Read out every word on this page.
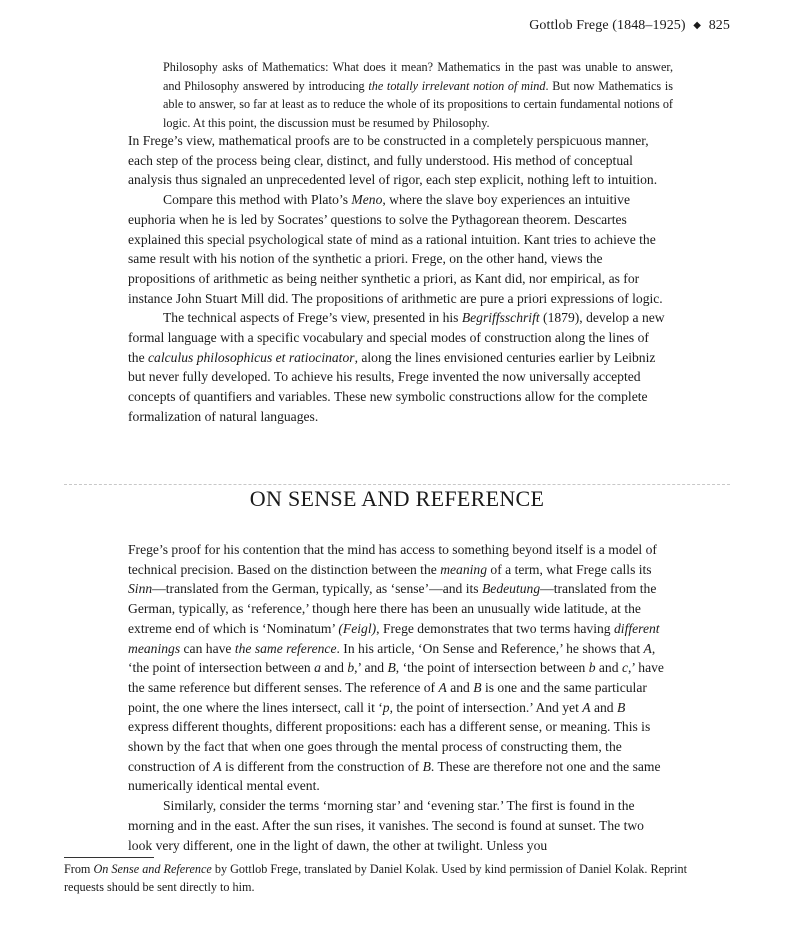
Gottlob Frege (1848–1925) ◆ 825
Philosophy asks of Mathematics: What does it mean? Mathematics in the past was unable to answer, and Philosophy answered by introducing the totally irrelevant notion of mind. But now Mathematics is able to answer, so far at least as to reduce the whole of its propositions to certain fundamental notions of logic. At this point, the discussion must be resumed by Philosophy.

In Frege’s view, mathematical proofs are to be constructed in a completely perspicuous manner, each step of the process being clear, distinct, and fully understood. His method of conceptual analysis thus signaled an unprecedented level of rigor, each step explicit, nothing left to intuition.

Compare this method with Plato’s Meno, where the slave boy experiences an intuitive euphoria when he is led by Socrates’ questions to solve the Pythagorean theorem. Descartes explained this special psychological state of mind as a rational intuition. Kant tries to achieve the same result with his notion of the synthetic a priori. Frege, on the other hand, views the propositions of arithmetic as being neither synthetic a priori, as Kant did, nor empirical, as for instance John Stuart Mill did. The propositions of arithmetic are pure a priori expressions of logic.

The technical aspects of Frege’s view, presented in his Begriffsschrift (1879), develop a new formal language with a specific vocabulary and special modes of construction along the lines of the calculus philosophicus et ratiocinator, along the lines envisioned centuries earlier by Leibniz but never fully developed. To achieve his results, Frege invented the now universally accepted concepts of quantifiers and variables. These new symbolic constructions allow for the complete formalization of natural languages.

ON SENSE AND REFERENCE

Frege’s proof for his contention that the mind has access to something beyond itself is a model of technical precision. Based on the distinction between the meaning of a term, what Frege calls its Sinn—translated from the German, typically, as ‘sense’—and its Bedeutung—translated from the German, typically, as ‘reference,’ though here there has been an unusually wide latitude, at the extreme end of which is ‘Nominatum’ (Feigl), Frege demonstrates that two terms having different meanings can have the same reference. In his article, ‘On Sense and Reference,’ he shows that A, ‘the point of intersection between a and b,’ and B, ‘the point of intersection between b and c,’ have the same reference but different senses. The reference of A and B is one and the same particular point, the one where the lines intersect, call it ‘p, the point of intersection.’ And yet A and B express different thoughts, different propositions: each has a different sense, or meaning. This is shown by the fact that when one goes through the mental process of constructing them, the construction of A is different from the construction of B. These are therefore not one and the same numerically identical mental event.

Similarly, consider the terms ‘morning star’ and ‘evening star.’ The first is found in the morning and in the east. After the sun rises, it vanishes. The second is found at sunset. The two look very different, one in the light of dawn, the other at twilight. Unless you

From On Sense and Reference by Gottlob Frege, translated by Daniel Kolak. Used by kind permission of Daniel Kolak. Reprint requests should be sent directly to him.
